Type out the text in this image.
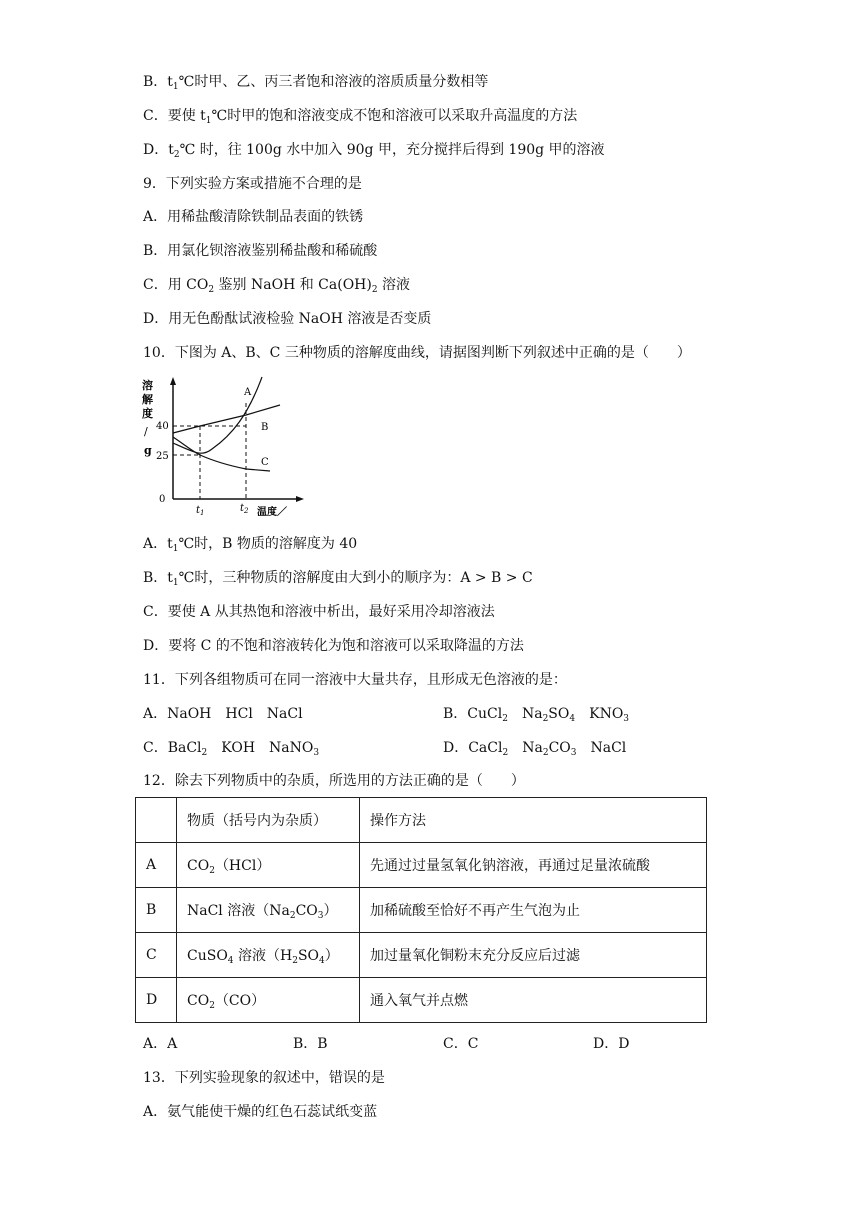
B．$t_1℃$时甲、乙、丙三者饱和溶液的溶质质量分数相等
C．要使 $t_1℃$时甲的饱和溶液变成不饱和溶液可以采取升高温度的方法
D．$t_2℃$ 时，往 100g 水中加入 90g 甲，充分搅拌后得到 190g 甲的溶液
9．下列实验方案或措施不合理的是
A．用稀盐酸清除铁制品表面的铁锈
B．用氯化钡溶液鉴别稀盐酸和稀硫酸
C．用 $CO_2$ 鉴别 NaOH 和 $Ca(OH)_2$ 溶液
D．用无色酚酞试液检验 NaOH 溶液是否变质
10．下图为 A、B、C 三种物质的溶解度曲线，请据图判断下列叙述中正确的是（　　）
溶
解
度
/
g
40
25
0
A
B
C
$t_1$	$t_2$ 温度／
A．$t_1℃$时，B 物质的溶解度为 40
B．$t_1℃$时，三种物质的溶解度由大到小的顺序为：A > B > C
C．要使 A 从其热饱和溶液中析出，最好采用冷却溶液法
D．要将 C 的不饱和溶液转化为饱和溶液可以采取降温的方法
11．下列各组物质可在同一溶液中大量共存，且形成无色溶液的是：
A．NaOH　HCl　NaCl	B．CuCl$_2$　$Na_2SO_4$　$KNO_3$
C．BaCl$_2$　KOH　NaNO$_3$	D．CaCl$_2$　$Na_2CO_3$　NaCl
12．除去下列物质中的杂质，所选用的方法正确的是（　　）
	物质（括号内为杂质）	操作方法
A	$CO_2(HCl)$	先通过过量氢氧化钠溶液，再通过足量浓硫酸
B	NaCl 溶液$(Na_2CO_3)$	加稀硫酸至恰好不再产生气泡为止
C	CuSO$_4$ 溶液$(H_2SO_4)$	加过量氧化铜粉末充分反应后过滤
D	$CO_2(CO)$	通入氧气并点燃
A．A	B．B	C．C	D．D
13．下列实验现象的叙述中，错误的是
A．氨气能使干燥的红色石蕊试纸变蓝
